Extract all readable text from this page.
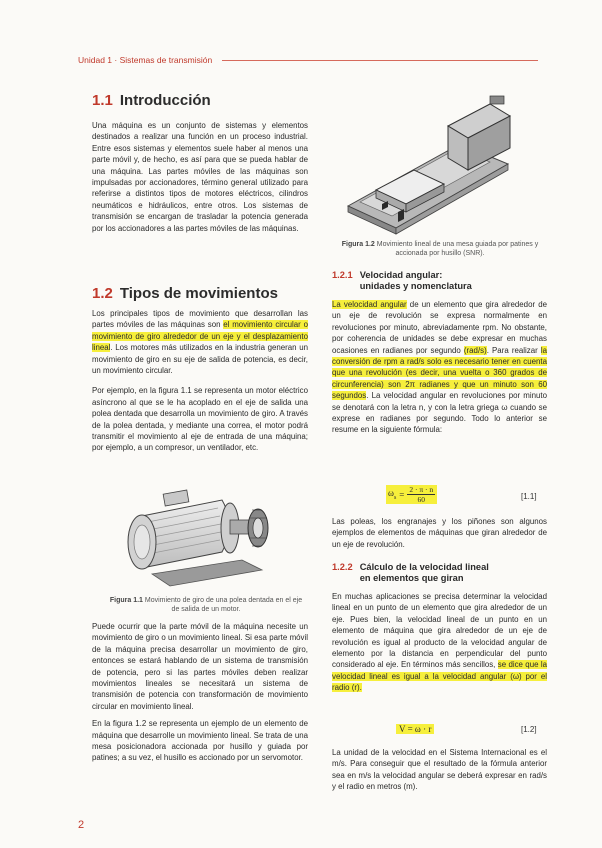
Unidad 1 · Sistemas de transmisión
1.1 Introducción

Una máquina es un conjunto de sistemas y elementos destinados a realizar una función en un proceso industrial. Entre esos sistemas y elementos suele haber al menos una parte móvil y, de hecho, es así para que se pueda hablar de una máquina. Las partes móviles de las máquinas son impulsadas por accionadores, término general utilizado para referirse a distintos tipos de motores eléctricos, cilindros neumáticos e hidráulicos, entre otros. Los sistemas de transmisión se encargan de trasladar la potencia generada por los accionadores a las partes móviles de las máquinas.

1.2 Tipos de movimientos

Los principales tipos de movimiento que desarrollan las partes móviles de las máquinas son el movimiento circular o movimiento de giro alrededor de un eje y el desplazamiento lineal. Los motores más utilizados en la industria generan un movimiento de giro en su eje de salida de potencia, es decir, un movimiento circular.

Por ejemplo, en la figura 1.1 se representa un motor eléctrico asíncrono al que se le ha acoplado en el eje de salida una polea dentada que desarrolla un movimiento de giro. A través de la polea dentada, y mediante una correa, el motor podrá transmitir el movimiento al eje de entrada de una máquina; por ejemplo, a un compresor, un ventilador, etc.

Figura 1.1 Movimiento de giro de una polea dentada en el eje de salida de un motor.

Puede ocurrir que la parte móvil de la máquina necesite un movimiento de giro o un movimiento lineal. Si esa parte móvil de la máquina precisa desarrollar un movimiento de giro, entonces se estará hablando de un sistema de transmisión de potencia, pero si las partes móviles deben realizar movimientos lineales se necesitará un sistema de transmisión de potencia con transformación de movimiento circular en movimiento lineal.

En la figura 1.2 se representa un ejemplo de un elemento de máquina que desarrolle un movimiento lineal. Se trata de una mesa posicionadora accionada por husillo y guiada por patines; a su vez, el husillo es accionado por un servomotor.

Figura 1.2 Movimiento lineal de una mesa guiada por patines y accionada por husillo (SNR).
1.2.1 Velocidad angular:
unidades y nomenclatura

La velocidad angular de un elemento que gira alrededor de un eje de revolución se expresa normalmente en revoluciones por minuto, abreviadamente rpm. No obstante, por coherencia de unidades se debe expresar en muchas ocasiones en radianes por segundo (rad/s). Para realizar la conversión de rpm a rad/s solo es necesario tener en cuenta que una revolución (es decir, una vuelta o 360 grados de circunferencia) son 2π radianes y que un minuto son 60 segundos. La velocidad angular en revoluciones por minuto se denotará con la letra n, y con la letra griega ω cuando se exprese en radianes por segundo. Todo lo anterior se resume en la siguiente fórmula:

$\omega_s = \frac{2 \cdot \pi \cdot n}{60}$	[1.1]

Las poleas, los engranajes y los piñones son algunos ejemplos de elementos de máquinas que giran alrededor de un eje de revolución.

1.2.2 Cálculo de la velocidad lineal
en elementos que giran

En muchas aplicaciones se precisa determinar la velocidad lineal en un punto de un elemento que gira alrededor de un eje. Pues bien, la velocidad lineal de un punto en un elemento de máquina que gira alrededor de un eje de revolución es igual al producto de la velocidad angular de elemento por la distancia en perpendicular del punto considerado al eje. En términos más sencillos, se dice que la velocidad lineal es igual a la velocidad angular (ω) por el radio (r).

V = ω · r	[1.2]

La unidad de la velocidad en el Sistema Internacional es el m/s. Para conseguir que el resultado de la fórmula anterior sea en m/s la velocidad angular se deberá expresar en rad/s y el radio en metros (m).

2
